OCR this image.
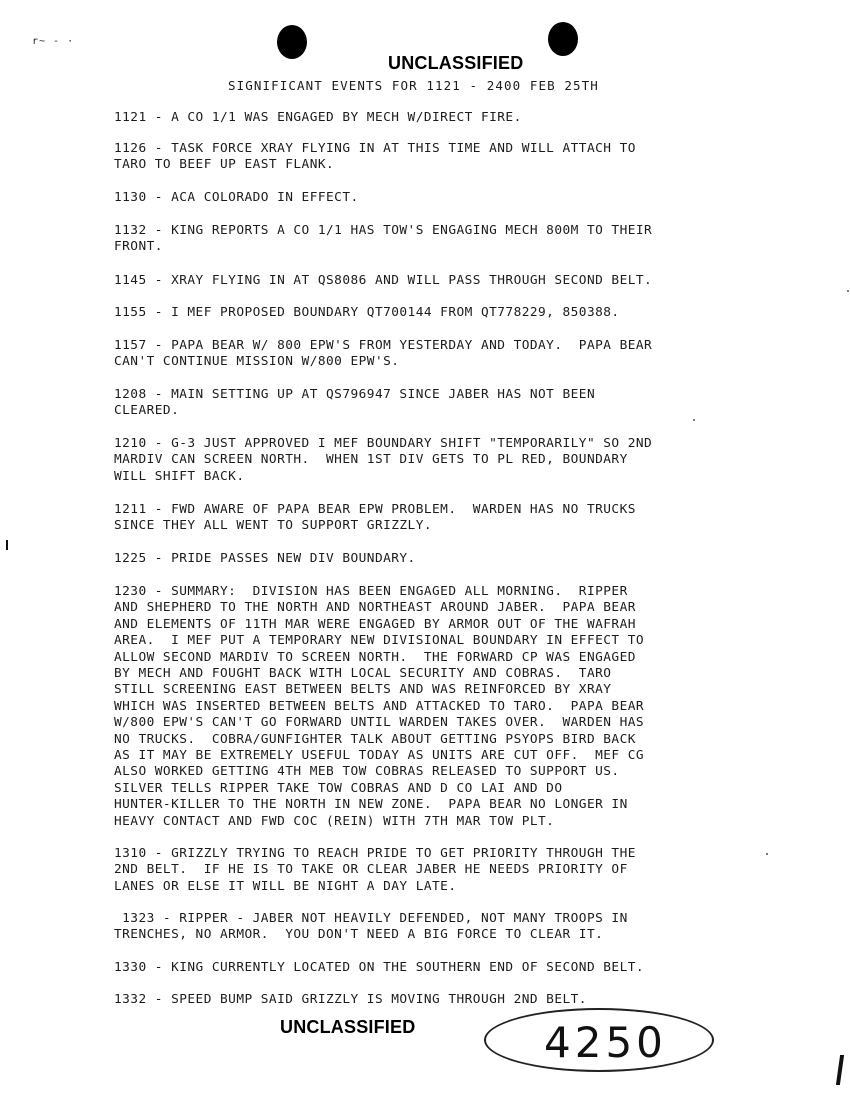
r~ - ·
UNCLASSIFIED
SIGNIFICANT EVENTS FOR 1121 - 2400 FEB 25TH
1121 - A CO 1/1 WAS ENGAGED BY MECH W/DIRECT FIRE.
1126 - TASK FORCE XRAY FLYING IN AT THIS TIME AND WILL ATTACH TO
TARO TO BEEF UP EAST FLANK.
1130 - ACA COLORADO IN EFFECT.
1132 - KING REPORTS A CO 1/1 HAS TOW'S ENGAGING MECH 800M TO THEIR
FRONT.
1145 - XRAY FLYING IN AT QS8086 AND WILL PASS THROUGH SECOND BELT.
1155 - I MEF PROPOSED BOUNDARY QT700144 FROM QT778229, 850388.
1157 - PAPA BEAR W/ 800 EPW'S FROM YESTERDAY AND TODAY.  PAPA BEAR
CAN'T CONTINUE MISSION W/800 EPW'S.
1208 - MAIN SETTING UP AT QS796947 SINCE JABER HAS NOT BEEN
CLEARED.
1210 - G-3 JUST APPROVED I MEF BOUNDARY SHIFT "TEMPORARILY" SO 2ND
MARDIV CAN SCREEN NORTH.  WHEN 1ST DIV GETS TO PL RED, BOUNDARY
WILL SHIFT BACK.
1211 - FWD AWARE OF PAPA BEAR EPW PROBLEM.  WARDEN HAS NO TRUCKS
SINCE THEY ALL WENT TO SUPPORT GRIZZLY.
1225 - PRIDE PASSES NEW DIV BOUNDARY.
1230 - SUMMARY:  DIVISION HAS BEEN ENGAGED ALL MORNING.  RIPPER
AND SHEPHERD TO THE NORTH AND NORTHEAST AROUND JABER.  PAPA BEAR
AND ELEMENTS OF 11TH MAR WERE ENGAGED BY ARMOR OUT OF THE WAFRAH
AREA.  I MEF PUT A TEMPORARY NEW DIVISIONAL BOUNDARY IN EFFECT TO
ALLOW SECOND MARDIV TO SCREEN NORTH.  THE FORWARD CP WAS ENGAGED
BY MECH AND FOUGHT BACK WITH LOCAL SECURITY AND COBRAS.  TARO
STILL SCREENING EAST BETWEEN BELTS AND WAS REINFORCED BY XRAY
WHICH WAS INSERTED BETWEEN BELTS AND ATTACKED TO TARO.  PAPA BEAR
W/800 EPW'S CAN'T GO FORWARD UNTIL WARDEN TAKES OVER.  WARDEN HAS
NO TRUCKS.  COBRA/GUNFIGHTER TALK ABOUT GETTING PSYOPS BIRD BACK
AS IT MAY BE EXTREMELY USEFUL TODAY AS UNITS ARE CUT OFF.  MEF CG
ALSO WORKED GETTING 4TH MEB TOW COBRAS RELEASED TO SUPPORT US.
SILVER TELLS RIPPER TAKE TOW COBRAS AND D CO LAI AND DO
HUNTER-KILLER TO THE NORTH IN NEW ZONE.  PAPA BEAR NO LONGER IN
HEAVY CONTACT AND FWD COC (REIN) WITH 7TH MAR TOW PLT.
1310 - GRIZZLY TRYING TO REACH PRIDE TO GET PRIORITY THROUGH THE
2ND BELT.  IF HE IS TO TAKE OR CLEAR JABER HE NEEDS PRIORITY OF
LANES OR ELSE IT WILL BE NIGHT A DAY LATE.
1323 - RIPPER - JABER NOT HEAVILY DEFENDED, NOT MANY TROOPS IN
TRENCHES, NO ARMOR.  YOU DON'T NEED A BIG FORCE TO CLEAR IT.
1330 - KING CURRENTLY LOCATED ON THE SOUTHERN END OF SECOND BELT.
1332 - SPEED BUMP SAID GRIZZLY IS MOVING THROUGH 2ND BELT.
UNCLASSIFIED	4250
